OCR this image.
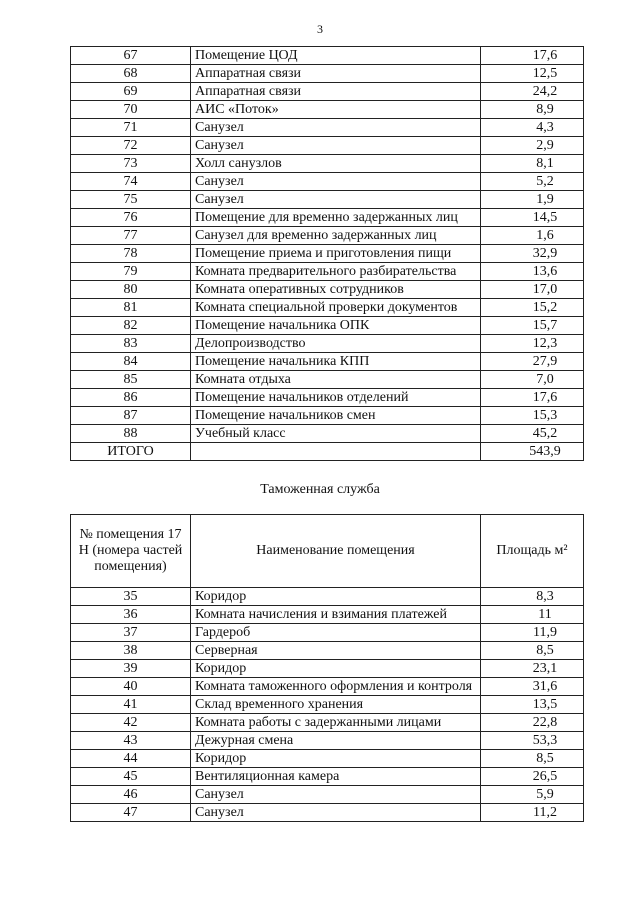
3
67	Помещение ЦОД	17,6
68	Аппаратная связи	12,5
69	Аппаратная связи	24,2
70	АИС «Поток»	8,9
71	Санузел	4,3
72	Санузел	2,9
73	Холл санузлов	8,1
74	Санузел	5,2
75	Санузел	1,9
76	Помещение для временно задержанных лиц	14,5
77	Санузел для временно задержанных лиц	1,6
78	Помещение приема и приготовления пищи	32,9
79	Комната предварительного разбирательства	13,6
80	Комната оперативных сотрудников	17,0
81	Комната специальной проверки документов	15,2
82	Помещение начальника ОПК	15,7
83	Делопроизводство	12,3
84	Помещение начальника КПП	27,9
85	Комната отдыха	7,0
86	Помещение начальников отделений	17,6
87	Помещение начальников смен	15,3
88	Учебный класс	45,2
ИТОГО		543,9
Таможенная служба
№ помещения 17 Н (номера частей помещения)	Наименование помещения	Площадь м²
35	Коридор	8,3
36	Комната начисления и взимания платежей	11
37	Гардероб	11,9
38	Серверная	8,5
39	Коридор	23,1
40	Комната таможенного оформления и контроля	31,6
41	Склад временного хранения	13,5
42	Комната работы с задержанными лицами	22,8
43	Дежурная смена	53,3
44	Коридор	8,5
45	Вентиляционная камера	26,5
46	Санузел	5,9
47	Санузел	11,2
